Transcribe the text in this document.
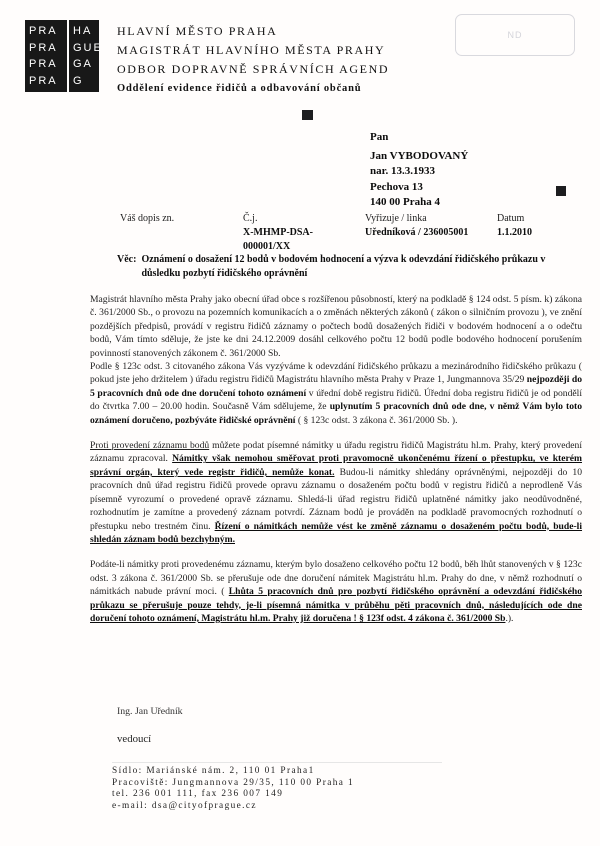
PRA
PRA
PRA
PRA
HA
GUE
GA
G
HLAVNÍ MĚSTO PRAHA
MAGISTRÁT HLAVNÍHO MĚSTA PRAHY
ODBOR DOPRAVNĚ SPRÁVNÍCH AGEND
Oddělení evidence řidičů a odbavování občanů
ND
Pan
Jan VYBODOVANÝ
nar. 13.3.1933
Pechova 13
140 00 Praha 4
Váš dopis zn.	Č.j.
X-MHMP-DSA-
000001/XX
Vyřizuje / linka
Uředníková / 236005001
Datum
1.1.2010
Věc: Oznámení o dosažení 12 bodů v bodovém hodnocení a výzva k odevzdání řidičského průkazu v důsledku pozbytí řidičského oprávnění

Magistrát hlavního města Prahy jako obecní úřad obce s rozšířenou působností, který na podkladě § 124 odst. 5 písm. k) zákona č. 361/2000 Sb., o provozu na pozemních komunikacích a o změnách některých zákonů ( zákon o silničním provozu ), ve znění pozdějších předpisů, provádí v registru řidičů záznamy o počtech bodů dosažených řidiči v bodovém hodnocení a o odečtu bodů, Vám tímto sděluje, že jste ke dni 24.12.2009 dosáhl celkového počtu 12 bodů podle bodového hodnocení porušením povinností stanovených zákonem č. 361/2000 Sb.

Podle § 123c odst. 3 citovaného zákona Vás vyzýváme k odevzdání řidičského průkazu a mezinárodního řidičského průkazu ( pokud jste jeho držitelem ) úřadu registru řidičů Magistrátu hlavního města Prahy v Praze 1, Jungmannova 35/29 nejpozději do 5 pracovních dnů ode dne doručení tohoto oznámení v úřední době registru řidičů. Úřední doba registru řidičů je od pondělí do čtvrtka 7.00 – 20.00 hodin. Současně Vám sdělujeme, že uplynutím 5 pracovních dnů ode dne, v němž Vám bylo toto oznámení doručeno, pozbýváte řidičské oprávnění ( § 123c odst. 3 zákona č. 361/2000 Sb. ).

Proti provedení záznamu bodů můžete podat písemné námitky u úřadu registru řidičů Magistrátu hl.m. Prahy, který provedení záznamu zpracoval. Námitky však nemohou směřovat proti pravomocně ukončenému řízení o přestupku, ve kterém správní orgán, který vede registr řidičů, nemůže konat. Budou-li námitky shledány oprávněnými, nejpozději do 10 pracovních dnů úřad registru řidičů provede opravu záznamu o dosaženém počtu bodů v registru řidičů a neprodleně Vás písemně vyrozumí o provedené opravě záznamu. Shledá-li úřad registru řidičů uplatněné námitky jako neodůvodněné, rozhodnutím je zamítne a provedený záznam potvrdí. Záznam bodů je prováděn na podkladě pravomocných rozhodnutí o přestupku nebo trestném činu. Řízení o námitkách nemůže vést ke změně záznamu o dosaženém počtu bodů, bude-li shledán záznam bodů bezchybným.

Podáte-li námitky proti provedenému záznamu, kterým bylo dosaženo celkového počtu 12 bodů, běh lhůt stanovených v § 123c odst. 3 zákona č. 361/2000 Sb. se přerušuje ode dne doručení námitek Magistrátu hl.m. Prahy do dne, v němž rozhodnutí o námitkách nabude právní moci. ( Lhůta 5 pracovních dnů pro pozbytí řidičského oprávnění a odevzdání řidičského průkazu se přerušuje pouze tehdy, je-li písemná námitka v průběhu pěti pracovních dnů, následujících ode dne doručení tohoto oznámení, Magistrátu hl.m. Prahy již doručena ! § 123f odst. 4 zákona č. 361/2000 Sb.).

Ing. Jan Uředník
vedoucí
Sídlo: Mariánské nám. 2, 110 01 Praha1
Pracoviště: Jungmannova 29/35, 110 00 Praha 1
tel. 236 001 111, fax 236 007 149
e-mail: dsa@cityofprague.cz
